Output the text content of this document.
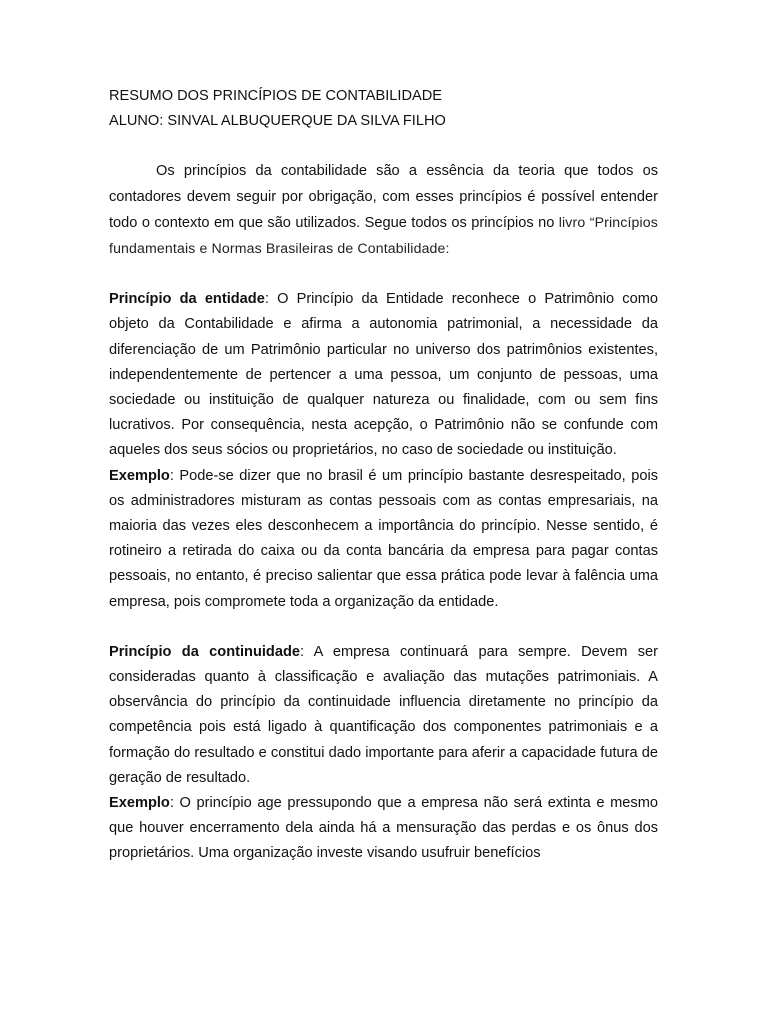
RESUMO DOS PRINCÍPIOS DE CONTABILIDADE

ALUNO: SINVAL ALBUQUERQUE DA SILVA FILHO

Os princípios da contabilidade são a essência da teoria que todos os contadores devem seguir por obrigação, com esses princípios é possível entender todo o contexto em que são utilizados. Segue todos os princípios no livro “Princípios fundamentais e Normas Brasileiras de Contabilidade:

Princípio da entidade: O Princípio da Entidade reconhece o Patrimônio como objeto da Contabilidade e afirma a autonomia patrimonial, a necessidade da diferenciação de um Patrimônio particular no universo dos patrimônios existentes, independentemente de pertencer a uma pessoa, um conjunto de pessoas, uma sociedade ou instituição de qualquer natureza ou finalidade, com ou sem fins lucrativos. Por consequência, nesta acepção, o Patrimônio não se confunde com aqueles dos seus sócios ou proprietários, no caso de sociedade ou instituição.

Exemplo: Pode-se dizer que no brasil é um princípio bastante desrespeitado, pois os administradores misturam as contas pessoais com as contas empresariais, na maioria das vezes eles desconhecem a importância do princípio. Nesse sentido, é rotineiro a retirada do caixa ou da conta bancária da empresa para pagar contas pessoais, no entanto, é preciso salientar que essa prática pode levar à falência uma empresa, pois compromete toda a organização da entidade.

Princípio da continuidade: A empresa continuará para sempre. Devem ser consideradas quanto à classificação e avaliação das mutações patrimoniais. A observância do princípio da continuidade influencia diretamente no princípio da competência pois está ligado à quantificação dos componentes patrimoniais e a formação do resultado e constitui dado importante para aferir a capacidade futura de geração de resultado.

Exemplo: O princípio age pressupondo que a empresa não será extinta e mesmo que houver encerramento dela ainda há a mensuração das perdas e os ônus dos proprietários. Uma organização investe visando usufruir benefícios
